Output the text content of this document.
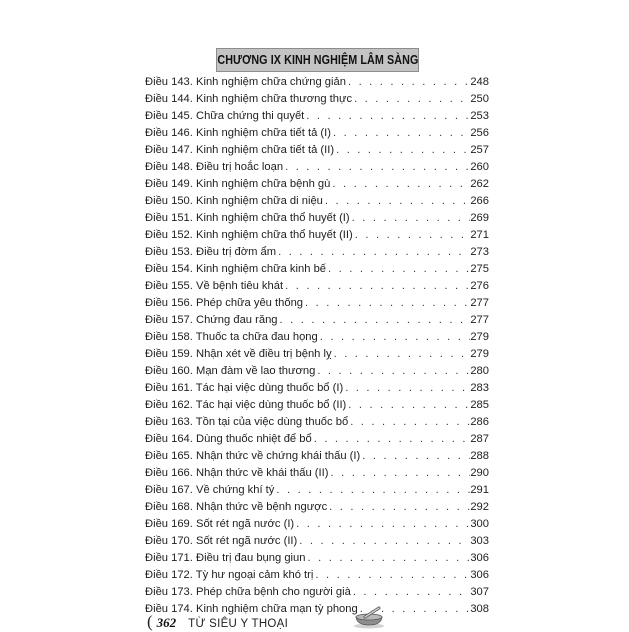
CHƯƠNG IX KINH NGHIỆM LÂM SÀNG
Điều 143. Kinh nghiệm chữa chứng giản . . .	248
Điều 144. Kinh nghiệm chữa thương thực . . .	250
Điều 145. Chữa chứng thi quyết . . .	253
Điều 146. Kinh nghiệm chữa tiết tả (I) . . .	256
Điều 147. Kinh nghiệm chữa tiết tả (II) . . .	257
Điều 148. Điều trị hoắc loạn . . .	260
Điều 149. Kinh nghiệm chữa bệnh gù . . .	262
Điều 150. Kinh nghiệm chữa di niệu . . .	266
Điều 151. Kinh nghiệm chữa thổ huyết (I) . . .	269
Điều 152. Kinh nghiệm chữa thổ huyết (II) . . .	271
Điều 153. Điều trị đờm ẩm . . .	273
Điều 154. Kinh nghiệm chữa kinh bế . . .	275
Điều 155. Về bệnh tiêu khát . . .	276
Điều 156. Phép chữa yêu thống . . .	277
Điều 157. Chứng đau răng . . .	277
Điều 158. Thuốc ta chữa đau họng . . .	279
Điều 159. Nhận xét về điều trị bệnh lỵ . . .	279
Điều 160. Mạn đàm về lao thương . . .	280
Điều 161. Tác hại việc dùng thuốc bổ (I) . . .	283
Điều 162. Tác hại việc dùng thuốc bổ (II) . . .	285
Điều 163. Tồn tại của việc dùng thuốc bổ . . .	286
Điều 164. Dùng thuốc nhiệt để bổ . . .	287
Điều 165. Nhận thức về chứng khái thấu (I) . . .	288
Điều 166. Nhận thức về khái thấu (II) . . .	290
Điều 167. Về chứng khí tý . . .	291
Điều 168. Nhận thức về bệnh ngược . . .	292
Điều 169. Sốt rét ngã nước (I) . . .	300
Điều 170. Sốt rét ngã nước (II) . . .	303
Điều 171. Điều trị đau bụng giun . . .	306
Điều 172. Tỳ hư ngoại cảm khó trị . . .	306
Điều 173. Phép chữa bệnh cho người già . . .	307
Điều 174. Kinh nghiệm chữa mạn tỳ phong . . .	308
( 362 TỪ SIÊU Y THOẠI
